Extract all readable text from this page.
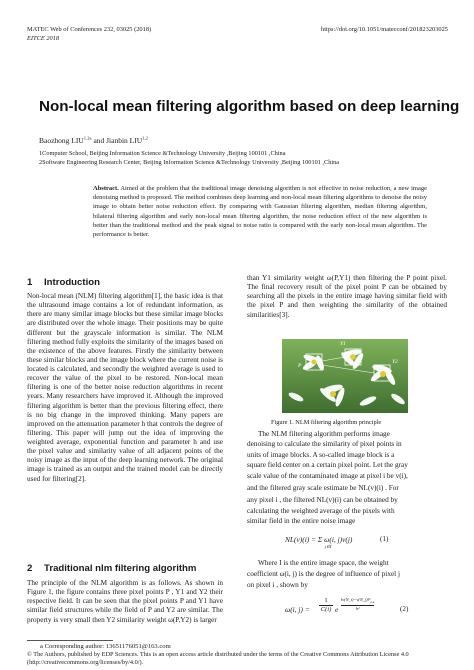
MATEC Web of Conferences 232, 03025 (2018)
EITCE 2018
https://doi.org/10.1051/matecconf/201823203025
Non-local mean filtering algorithm based on deep learning
Baozhong $LIU^{1,2a}$ and Jianbin LIU$^{1,2}$
1Computer School, Beijing Information Science &Technology University ,Beijing 100101 ,China
2Software Engineering Research Center, Beijing Information Science &Technology University ,Beijing 100101 ,China
Abstract. Aimed at the problem that the traditional image denoising algorithm is not effective in noise reduction, a new image denoising method is proposed. The method combines deep learning and non-local mean filtering algorithms to denoise the noisy image to obtain better noise reduction effect. By comparing with Gaussian filtering algorithm, median filtering algorithm, bilateral filtering algorithm and early non-local mean filtering algorithm, the noise reduction effect of the new algorithm is better than the traditional method and the peak signal to noise ratio is compared with the early non-local mean algorithm. The performance is better.
1 Introduction

Non-local mean (NLM) filtering algorithm[1], the basic idea is that the ultrasound image contains a lot of redundant information, as there are many similar image blocks but these similar image blocks are distributed over the whole image. Their positions may be quite different but the grayscale information is similar. The NLM filtering method fully exploits the similarity of the images based on the existence of the above features. Firstly the similarity between these similar blocks and the image block where the current noise is located is calculated, and secondly the weighted average is used to recover the value of the pixel to be restored. Non-local mean filtering is one of the better noise reduction algorithms in recent years. Many researchers have improved it. Although the improved filtering algorithm is better than the previous filtering effect, there is no big change in the improved thinking. Many papers are improved on the attenuation parameter h that controls the degree of filtering. This paper will jump out the idea of improving the weighted average, exponential function and parameter h and use the pixel value and similarity value of all adjacent points of the noisy image as the input of the deep learning network. The original image is trained as an output and the trained model can be directly used for filtering[2].

2 Traditional nlm filtering algorithm

The principle of the NLM algorithm is as follows. As shown in Figure 1, the figure contains three pixel points P , Y1 and Y2 their respective field. It can be seen that the pixel points P and Y1 have similar field structures while the field of P and Y2 are similar. The property is very small then Y2 similarity weight ω(P,Y2) is larger

than Y1 similarity weight ω(P,Y1) then filtering the P point pixel. The final recovery result of the pixel point P can be obtained by searching all the pixels in the entire image having similar field with the pixel P and then weighting the similarity of the obtained similarities[3].

P
Y1
Y2
Figure 1. NLM filtering algorithm principle
The NLM filtering algorithm performs image
denoising to calculate the similarity of pixel points in
units of image blocks. A so-called image block is a
square field center on a certain pixel point. Let the gray
scale value of the contaminated image at pixel i be v(i),
and the filtered gray scale estimate be NL(v)(i) . For
any pixel i , the filtered NL(v)(i) can be obtained by
calculating the weighted average of the pixels with
similar field in the entire noise image
NL(v)(i) = Σ ω(i, j)v(j)
j∈I
(1)
Where I is the entire image space, the weight
coefficient ω(i, j) is the degree of influence of pixel j
on pixel i , shown by
ω(i, j) =
1
C(i) e
$‖v(N\_i)-v(N\_j)‖^2_{2,a}$
h²	(2)
a Corresponding author: 13651176051@163.com
© The Authors, published by EDP Sciences. This is an open access article distributed under the terms of the Creative Commons Attribution License 4.0 (http://creativecommons.org/licenses/by/4.0/).
